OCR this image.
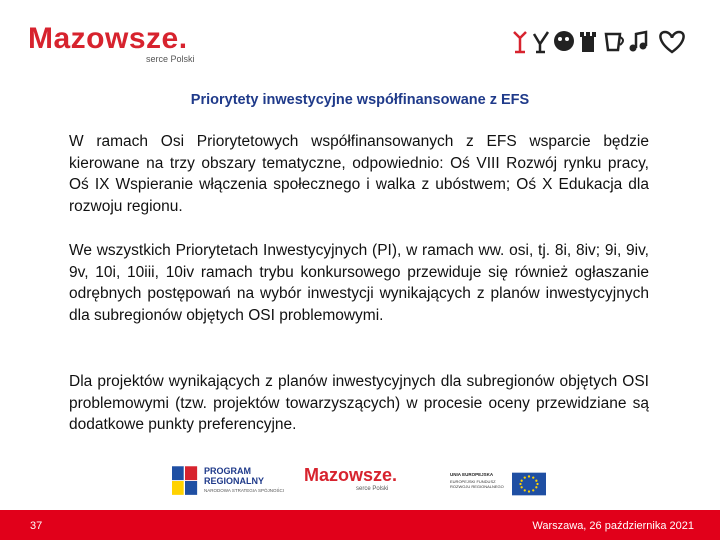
Mazowsze.
serce Polski
Priorytety inwestycyjne współfinansowane z EFS
W ramach Osi Priorytetowych współfinansowanych z EFS wsparcie będzie kierowane na trzy obszary tematyczne, odpowiednio: Oś VIII Rozwój rynku pracy, Oś IX Wspieranie włączenia społecznego i walka z ubóstwem; Oś X Edukacja dla rozwoju regionu.
We wszystkich Priorytetach Inwestycyjnych (PI), w ramach ww. osi, tj. 8i, 8iv; 9i, 9iv, 9v, 10i, 10iii, 10iv ramach trybu konkursowego przewiduje się również ogłaszanie odrębnych postępowań na wybór inwestycji wynikających z planów inwestycyjnych dla subregionów objętych OSI problemowymi.
Dla projektów wynikających z planów inwestycyjnych dla subregionów objętych OSI problemowymi (tzw. projektów towarzyszących) w procesie oceny przewidziane są dodatkowe punkty preferencyjne.
PROGRAM
REGIONALNY
NARODOWA STRATEGIA SPÓJNOŚCI
Mazowsze.
serce Polski
UNIA EUROPEJSKA
EUROPEJSKI FUNDUSZ
ROZWOJU REGIONALNEGO
37	Warszawa, 26 października 2021
